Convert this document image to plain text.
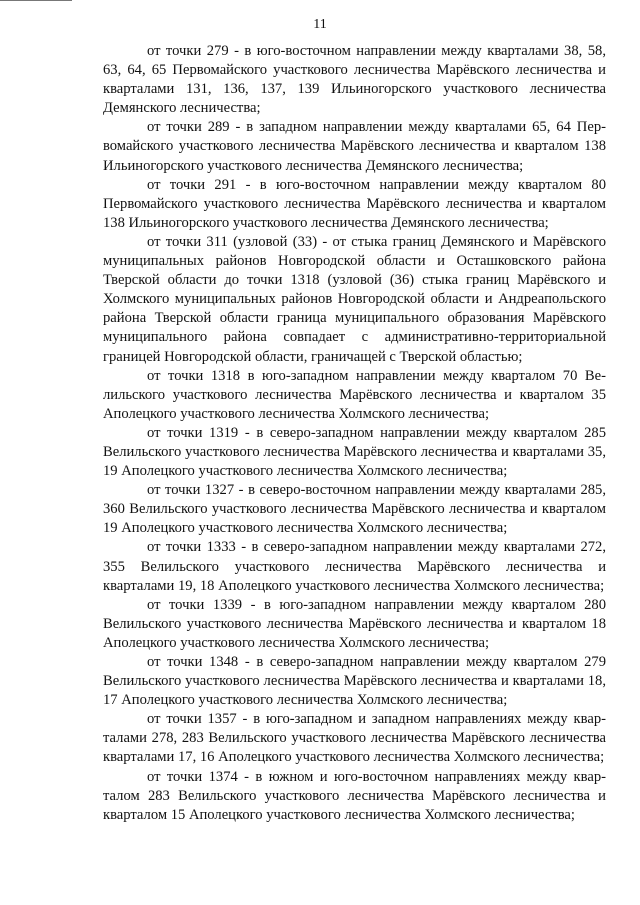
11

от точки 279 - в юго-восточном направлении между кварталами 38, 58, 63, 64, 65 Первомайского участкового лесничества Марёвского лесничества и кварталами 131, 136, 137, 139 Ильиногорского участкового лесничества Демянского лесничества;

от точки 289 - в западном направлении между кварталами 65, 64 Первомайского участкового лесничества Марёвского лесничества и кварталом 138 Ильиногорского участкового лесничества Демянского лесничества;

от точки 291 - в юго-восточном направлении между кварталом 80 Первомайского участкового лесничества Марёвского лесничества и кварталом 138 Ильиногорского участкового лесничества Демянского лесничества;

от точки 311 (узловой (33) - от стыка границ Демянского и Марёвского муниципальных районов Новгородской области и Осташковского района Тверской области до точки 1318 (узловой (36) стыка границ Марёвского и Холмского муниципальных районов Новгородской области и Андреапольского района Тверской области граница муниципального образования Марёвского муниципального района совпадает с административно-территориальной границей Новгородской области, граничащей с Тверской областью;

от точки 1318 в юго-западном направлении между кварталом 70 Велильского участкового лесничества Марёвского лесничества и кварталом 35 Аполецкого участкового лесничества Холмского лесничества;

от точки 1319 - в северо-западном направлении между кварталом 285 Велильского участкового лесничества Марёвского лесничества и кварталами 35, 19 Аполецкого участкового лесничества Холмского лесничества;

от точки 1327 - в северо-восточном направлении между кварталами 285, 360 Велильского участкового лесничества Марёвского лесничества и кварталом 19 Аполецкого участкового лесничества Холмского лесничества;

от точки 1333 - в северо-западном направлении между кварталами 272, 355 Велильского участкового лесничества Марёвского лесничества и кварталами 19, 18 Аполецкого участкового лесничества Холмского лесничества;

от точки 1339 - в юго-западном направлении между кварталом 280 Велильского участкового лесничества Марёвского лесничества и кварталом 18 Аполецкого участкового лесничества Холмского лесничества;

от точки 1348 - в северо-западном направлении между кварталом 279 Велильского участкового лесничества Марёвского лесничества и кварталами 18, 17 Аполецкого участкового лесничества Холмского лесничества;

от точки 1357 - в юго-западном и западном направлениях между кварталами 278, 283 Велильского участкового лесничества Марёвского лесничества кварталами 17, 16 Аполецкого участкового лесничества Холмского лесничества;

от точки 1374 - в южном и юго-восточном направлениях между кварталом 283 Велильского участкового лесничества Марёвского лесничества и кварталом 15 Аполецкого участкового лесничества Холмского лесничества;
